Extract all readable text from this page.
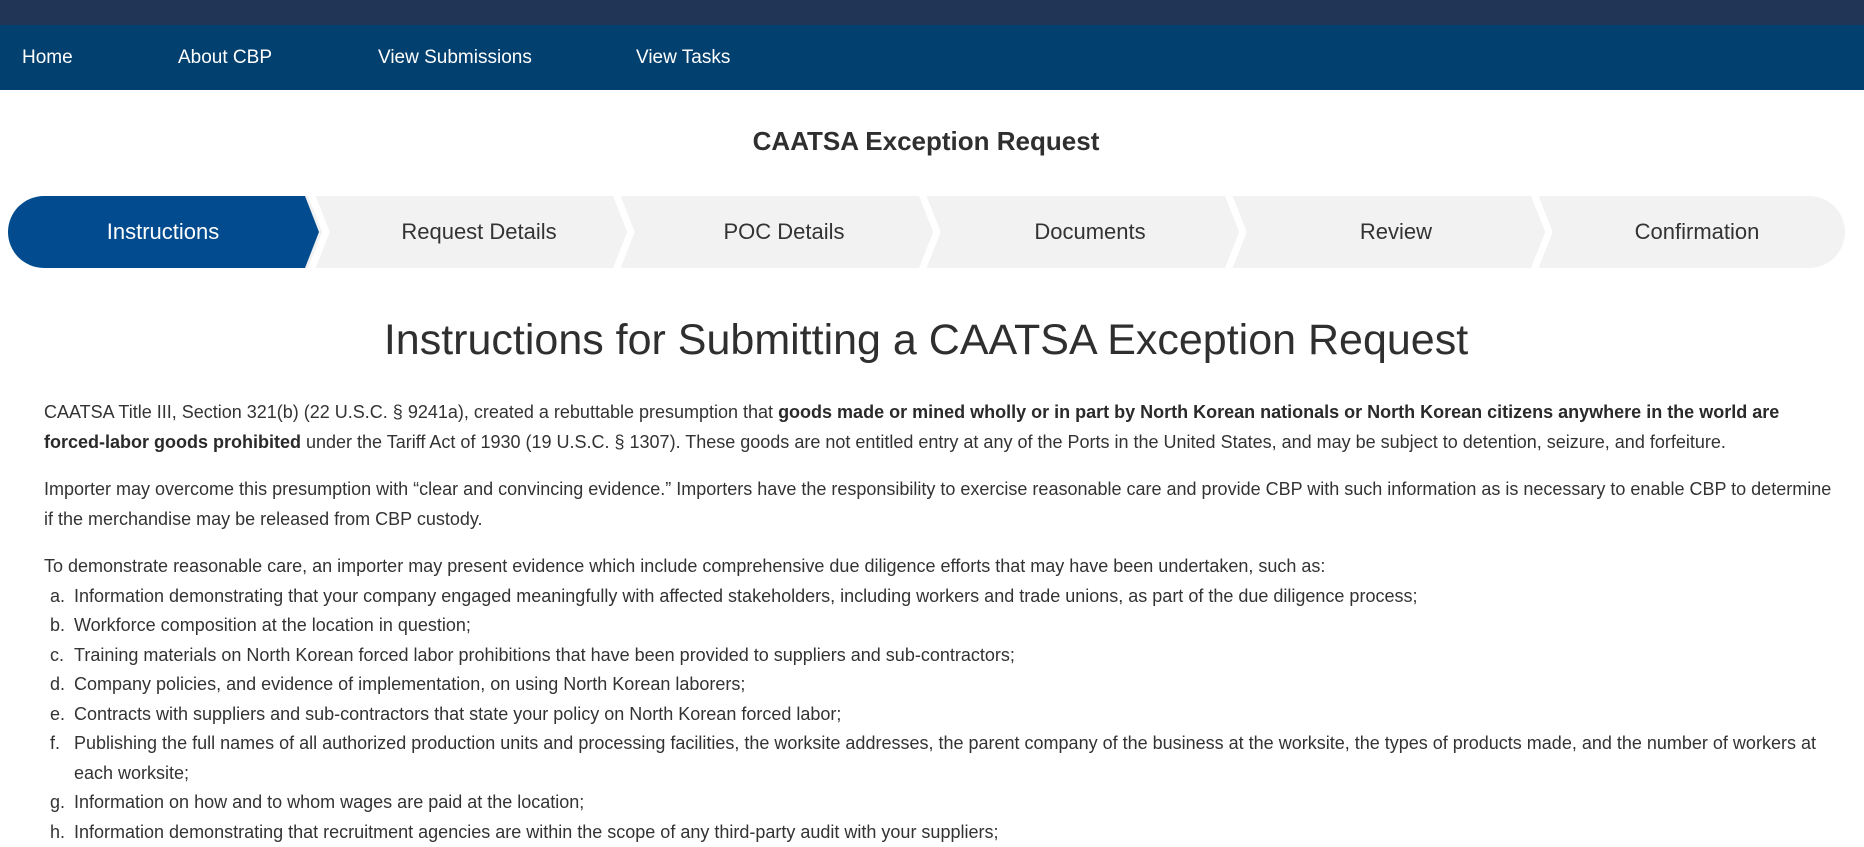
Home	About CBP	View Submissions	View Tasks
CAATSA Exception Request
Instructions	Request Details	POC Details	Documents	Review	Confirmation
Instructions for Submitting a CAATSA Exception Request

CAATSA Title III, Section 321(b) (22 U.S.C. § 9241a), created a rebuttable presumption that goods made or mined wholly or in part by North Korean nationals or North Korean citizens anywhere in the world are forced-labor goods prohibited under the Tariff Act of 1930 (19 U.S.C. § 1307). These goods are not entitled entry at any of the Ports in the United States, and may be subject to detention, seizure, and forfeiture.

Importer may overcome this presumption with “clear and convincing evidence.” Importers have the responsibility to exercise reasonable care and provide CBP with such information as is necessary to enable CBP to determine if the merchandise may be released from CBP custody.

To demonstrate reasonable care, an importer may present evidence which include comprehensive due diligence efforts that may have been undertaken, such as:

a. Information demonstrating that your company engaged meaningfully with affected stakeholders, including workers and trade unions, as part of the due diligence process;
b. Workforce composition at the location in question;
c. Training materials on North Korean forced labor prohibitions that have been provided to suppliers and sub-contractors;
d. Company policies, and evidence of implementation, on using North Korean laborers;
e. Contracts with suppliers and sub-contractors that state your policy on North Korean forced labor;
f. Publishing the full names of all authorized production units and processing facilities, the worksite addresses, the parent company of the business at the worksite, the types of products made, and the number of workers at each worksite;
g. Information on how and to whom wages are paid at the location;
h. Information demonstrating that recruitment agencies are within the scope of any third-party audit with your suppliers;
